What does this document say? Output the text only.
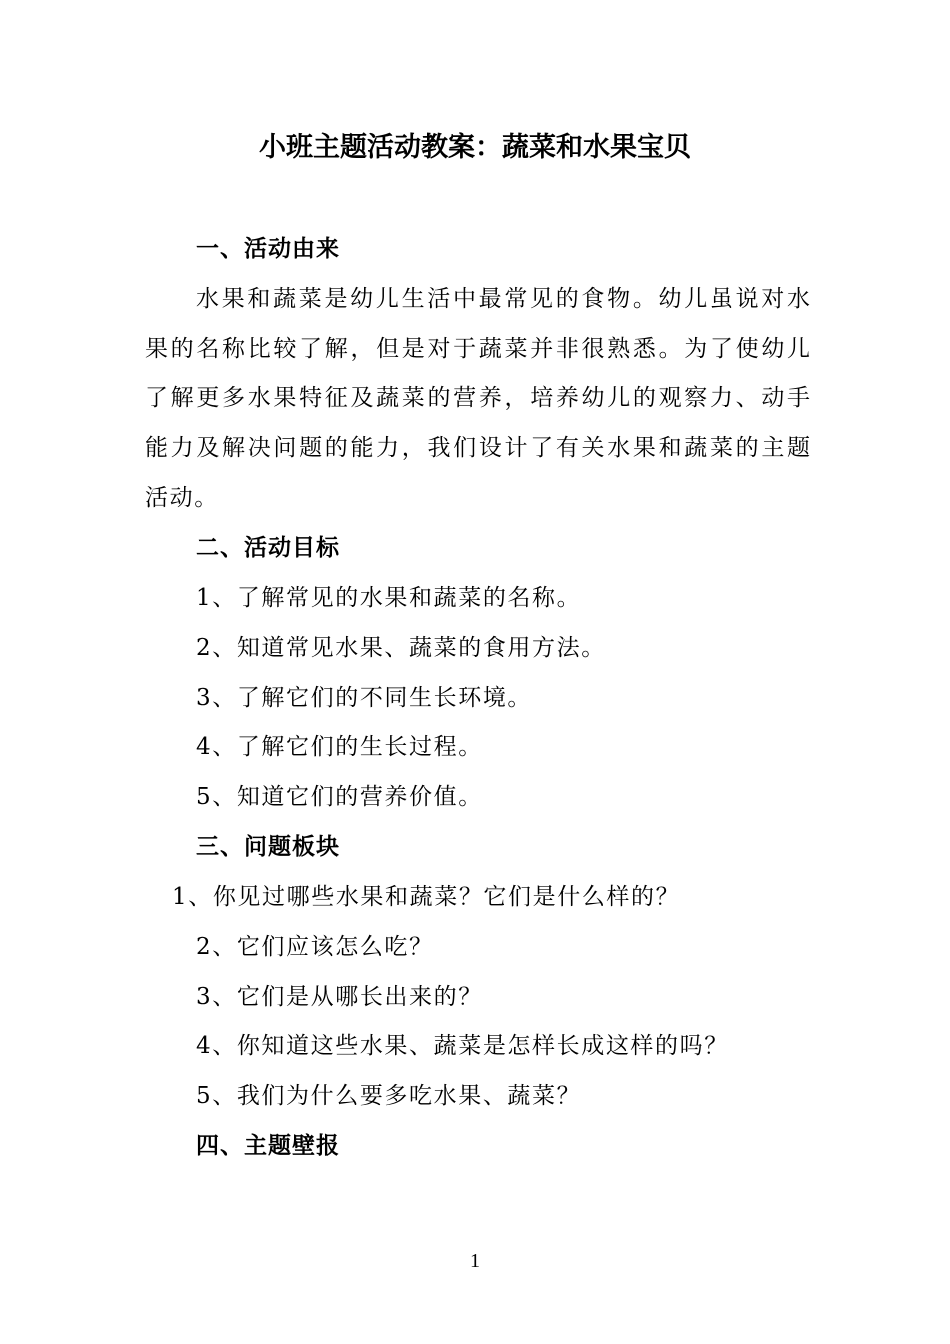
小班主题活动教案：蔬菜和水果宝贝
一、活动由来
水果和蔬菜是幼儿生活中最常见的食物。幼儿虽说对水
果的名称比较了解，但是对于蔬菜并非很熟悉。为了使幼儿
了解更多水果特征及蔬菜的营养，培养幼儿的观察力、动手
能力及解决问题的能力，我们设计了有关水果和蔬菜的主题
活动。
二、活动目标
1、了解常见的水果和蔬菜的名称。
2、知道常见水果、蔬菜的食用方法。
3、了解它们的不同生长环境。
4、了解它们的生长过程。
5、知道它们的营养价值。
三、问题板块
1、你见过哪些水果和蔬菜？它们是什么样的？
2、它们应该怎么吃？
3、它们是从哪长出来的？
4、你知道这些水果、蔬菜是怎样长成这样的吗？
5、我们为什么要多吃水果、蔬菜？
四、主题壁报
1
